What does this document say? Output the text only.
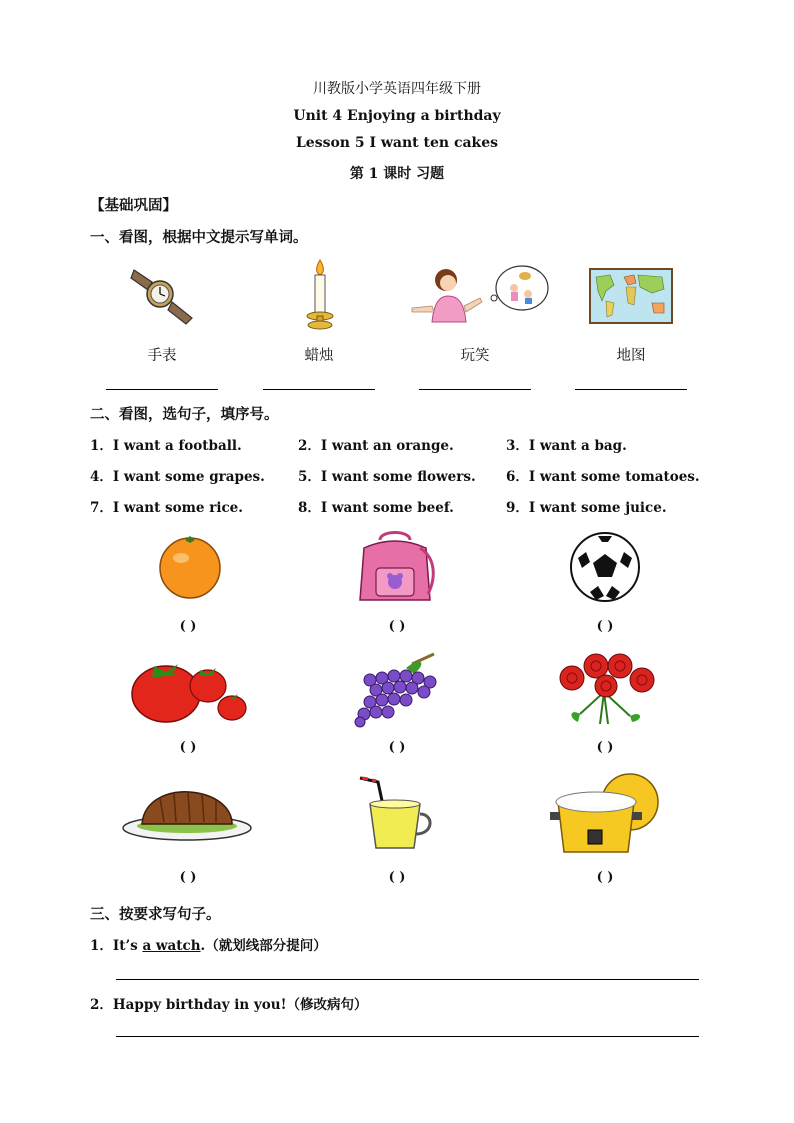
川教版小学英语四年级下册
Unit 4 Enjoying a birthday
Lesson 5 I want ten cakes
第 1 课时 习题
【基础巩固】
一、看图，根据中文提示写单词。
手表	蜡烛	玩笑	地图
二、看图，选句子，填序号。
1．I want a football.	2．I want an orange.	3．I want a bag.
4．I want some grapes. 5．I want some flowers. 6．I want some tomatoes.
7．I want some rice.	8．I want some beef.	9．I want some juice.
( )	( )	( )
( )	( )	( )
( )	( )	( )
三、按要求写句子。
1．It’s a watch.（就划线部分提问）
2．Happy birthday in you!（修改病句）
